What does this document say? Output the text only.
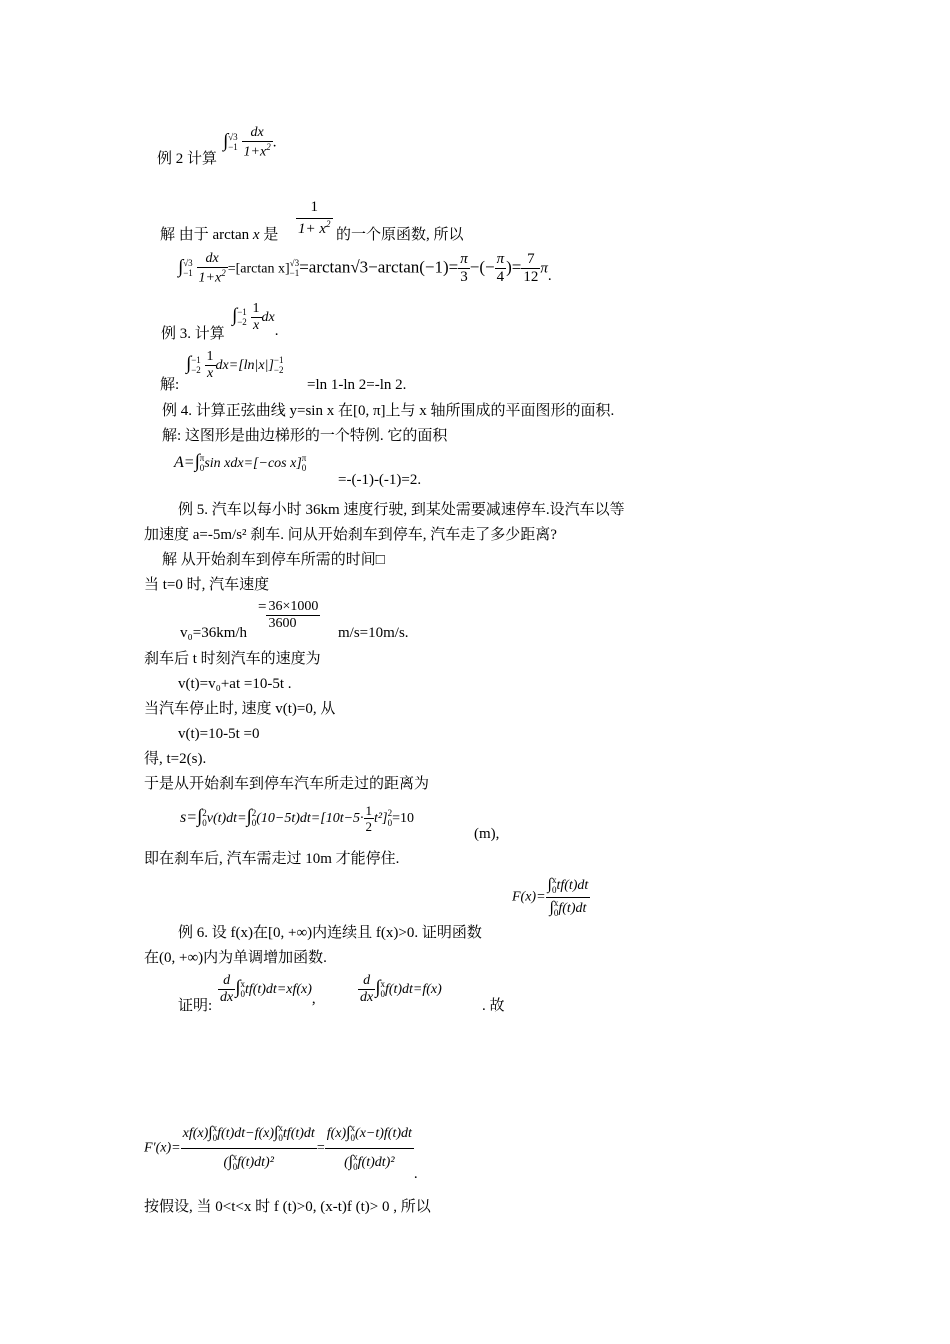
例 2 计算
∫ √3
−1
$\frac{dx}{1+x^2}$ .
解 由于 arctan x 是 $\frac{1}{1+ x^2}$ 的一个原函数, 所以
∫ √3
−1
$\frac{dx}{1+x^2} =[\arctan$ x] √3
$-1 =\arctan√3-\arctan(-1)= \frac{\pi}{3}$ −(− $\frac{\pi}{4}$ )= $\frac{7}{12} \pi$.
例 3. 计算
∫ −1
−2
$\frac{1}{x}$ dx.
解:
∫ −1
−2
$\frac{1}{x} dx=[\ln|x|] -1$
−2
=ln 1-ln 2=-ln 2.
例 4. 计算正弦曲线 y=sin x 在[0, π]上与 x 轴所围成的平面图形的面积.
解: 这图形是曲边梯形的一个特例. 它的面积
A=∫ π
0 sin xdx=[−cos x] π
0
=-(-1)-(-1)=2.
例 5. 汽车以每小时 36km 速度行驶, 到某处需要减速停车.设汽车以等
加速度 a=-5m/s² 刹车. 问从开始刹车到停车, 汽车走了多少距离?
解 从开始刹车到停车所需的时间□
当 t=0 时, 汽车速度
v₀=36km/h
= $\frac{36\times 1000}{3600}$
m/s=10m/s.
刹车后 t 时刻汽车的速度为
v(t)=v₀+at =10-5t .
当汽车停止时, 速度 v(t)=0, 从
v(t)=10-5t =0
得, t=2(s).
于是从开始刹车到停车汽车所走过的距离为
s=∫ 2
0 v(t)dt=∫ 2
0 $(10-5t)dt=[10t-5\cdot \frac{1}{2} t^2]$ 2
0 =10
(m),
即在刹车后, 汽车需走过 10m 才能停住.
F(x)= ∫ x
0 tf(t)dt
∫ x
0 f(t)dt
例 6. 设 f(x)在[0, +∞)内连续且 f(x)>0. 证明函数
在(0, +∞)内为单调增加函数.
证明:
$\frac{d}{dx}$ ∫ x
0 tf(t)dt=xf(x),	$\frac{d}{dx}$ ∫ x
0 f(t)dt=f(x)
. 故
F′(x)= xf(x)∫ x
0 f(t)dt−f(x)∫ x
0 tf(t)dt
(∫ x
0 f(t)dt)² = f(x)∫ x
0 (x−t)f(t)dt
(∫ x
0 f(t)dt)²
.
按假设, 当 0<t<x 时 f (t)>0, (x-t)f (t)> 0 , 所以
